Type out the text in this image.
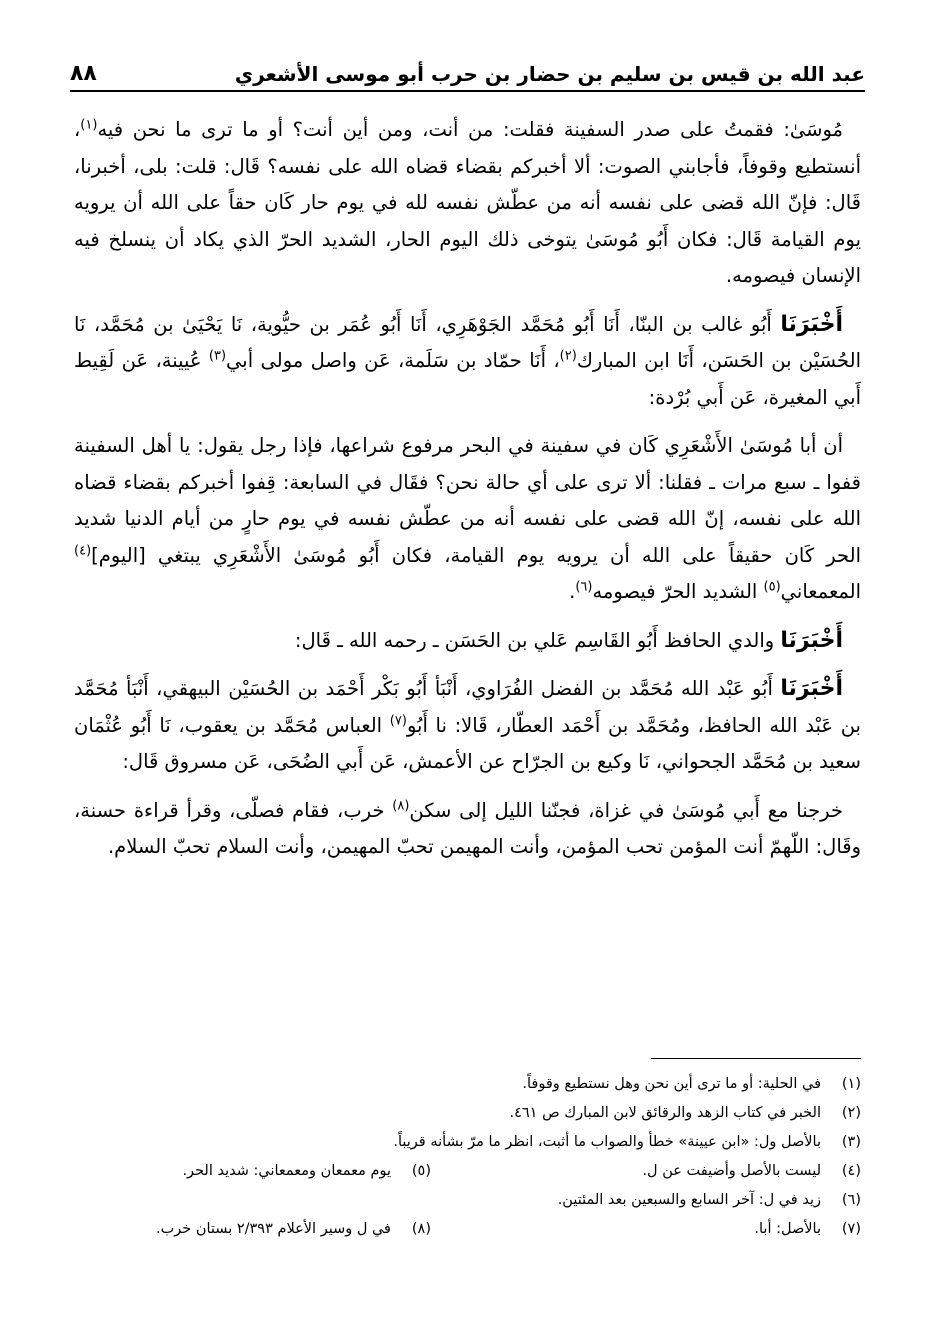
عبد الله بن قيس بن سليم بن حضار بن حرب أبو موسى الأشعري
٨٨

مُوسَىٰ: فقمتُ على صدر السفينة فقلت: من أنت، ومن أين أنت؟ أو ما ترى ما نحن فيه$^{(١)}$، أنستطيع وقوفاً، فأجابني الصوت: ألا أخبركم بقضاء قضاه الله على نفسه؟ قَال: قلت: بلى، أخبرنا، قَال: فإنّ الله قضى على نفسه أنه من عطّش نفسه لله في يوم حار كَان حقاً على الله أن يرويه يوم القيامة قَال: فكان أَبُو مُوسَىٰ يتوخى ذلك اليوم الحار، الشديد الحرّ الذي يكاد أن ينسلخ فيه الإنسان فيصومه.

أَخْبَرَنَا أَبُو غالب بن البنّا، أَنَا أَبُو مُحَمَّد الجَوْهَرِي، أَنَا أَبُو عُمَر بن حيُّوية، نَا يَحْيَىٰ بن مُحَمَّد، نَا الحُسَيْن بن الحَسَن، أَنَا ابن المبارك$^{(٢)}$، أَنَا حمّاد بن سَلَمة، عَن واصل مولى أبي$^{(٣)}$ عُيينة، عَن لَقِيط أَبي المغيرة، عَن أَبي بُرْدة:

أن أبا مُوسَىٰ الأَشْعَرِي كَان في سفينة في البحر مرفوع شراعها، فإذا رجل يقول: يا أهل السفينة قفوا ـ سبع مرات ـ فقلنا: ألا ترى على أي حالة نحن؟ فقَال في السابعة: قِفوا أخبركم بقضاء قضاه الله على نفسه، إنّ الله قضى على نفسه أنه من عطّش نفسه في يوم حارٍ من أيام الدنيا شديد الحر كَان حقيقاً على الله أن يرويه يوم القيامة، فكان أَبُو مُوسَىٰ الأَشْعَرِي يبتغي [اليوم]$^{(٤)}$ المعمعاني$^{(٥)}$ الشديد الحرّ فيصومه$^{(٦)}$.

أَخْبَرَنَا والدي الحافظ أَبُو القَاسِم عَلي بن الحَسَن ـ رحمه الله ـ قَال:

أَخْبَرَنَا أَبُو عَبْد الله مُحَمَّد بن الفضل الفُرَاوي، أَنْبَأ أَبُو بَكْر أَحْمَد بن الحُسَيْن البيهقي، أَنْبَأ مُحَمَّد بن عَبْد الله الحافظ، ومُحَمَّد بن أَحْمَد العطّار، قَالا: نا أَبُو$^{(٧)}$ العباس مُحَمَّد بن يعقوب، نَا أَبُو عُثْمَان سعيد بن مُحَمَّد الجحواني، نَا وكيع بن الجرّاح عن الأعمش، عَن أَبي الضُحَى، عَن مسروق قَال:

خرجنا مع أَبي مُوسَىٰ في غزاة، فجنّنا الليل إلى سكن$^{(٨)}$ خرب، فقام فصلّى، وقرأ قراءة حسنة، وقَال: اللّهمّ أنت المؤمن تحب المؤمن، وأنت المهيمن تحبّ المهيمن، وأنت السلام تحبّ السلام.

(١)
في الحلية: أو ما ترى أين نحن وهل نستطيع وقوفاً.
(٢)
الخبر في كتاب الزهد والرقائق لابن المبارك ص ٤٦١.
(٣)
بالأصل ول: «ابن عيينة» خطأ والصواب ما أثبت، انظر ما مرّ بشأنه قريباً.
(٤)
ليست بالأصل وأضيفت عن ل.
(٥)
يوم معمعان ومعمعاني: شديد الحر.
(٦)
زيد في ل: آخر السابع والسبعين بعد المئتين.
(٧)
بالأصل: أبا.
(٨)
في ل وسير الأعلام ٢/٣٩٣ بستان خرب.
